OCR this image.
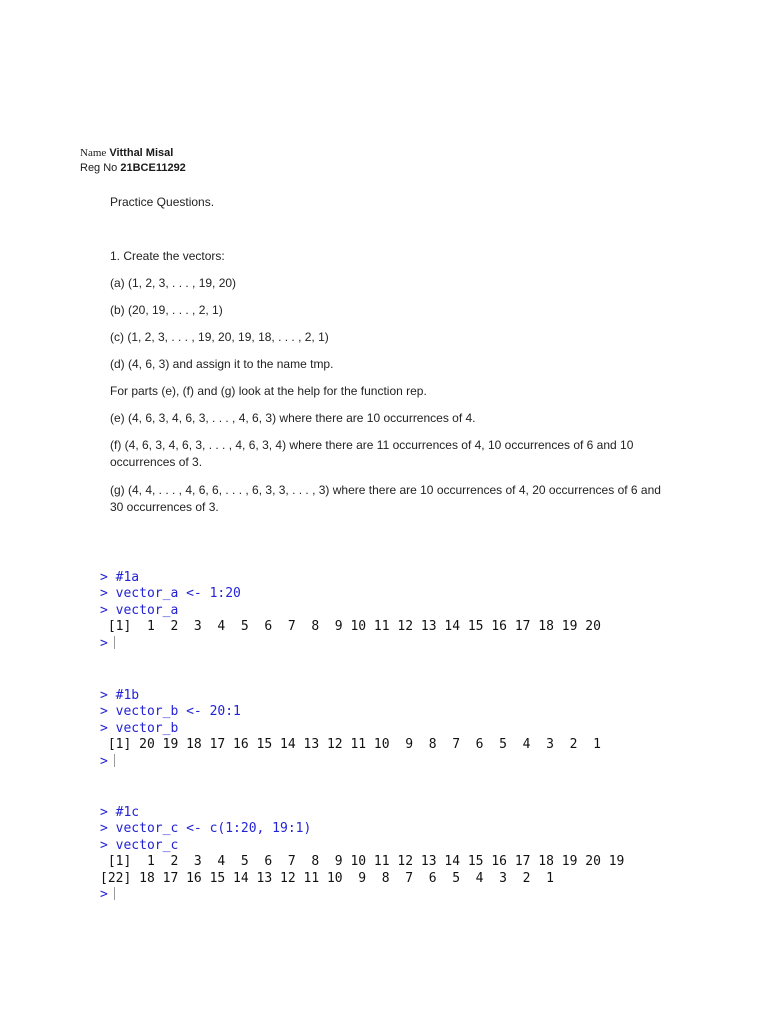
Name Vitthal Misal
Reg No 21BCE11292
Practice Questions.
1. Create the vectors:
(a) (1, 2, 3, . . . , 19, 20)
(b) (20, 19, . . . , 2, 1)
(c) (1, 2, 3, . . . , 19, 20, 19, 18, . . . , 2, 1)
(d) (4, 6, 3) and assign it to the name tmp.
For parts (e), (f) and (g) look at the help for the function rep.
(e) (4, 6, 3, 4, 6, 3, . . . , 4, 6, 3) where there are 10 occurrences of 4.
(f) (4, 6, 3, 4, 6, 3, . . . , 4, 6, 3, 4) where there are 11 occurrences of 4, 10 occurrences of 6 and 10 occurrences of 3.
(g) (4, 4, . . . , 4, 6, 6, . . . , 6, 3, 3, . . . , 3) where there are 10 occurrences of 4, 20 occurrences of 6 and 30 occurrences of 3.

> #1a
> vector_a <- 1:20
> vector_a
[1]  1  2  3  4  5  6  7  8  9 10 11 12 13 14 15 16 17 18 19 20
>

> #1b
> vector_b <- 20:1
> vector_b
[1] 20 19 18 17 16 15 14 13 12 11 10  9  8  7  6  5  4  3  2  1
>

> #1c
> vector_c <- c(1:20, 19:1)
> vector_c
[1]  1  2  3  4  5  6  7  8  9 10 11 12 13 14 15 16 17 18 19 20 19
[22] 18 17 16 15 14 13 12 11 10  9  8  7  6  5  4  3  2  1
>
